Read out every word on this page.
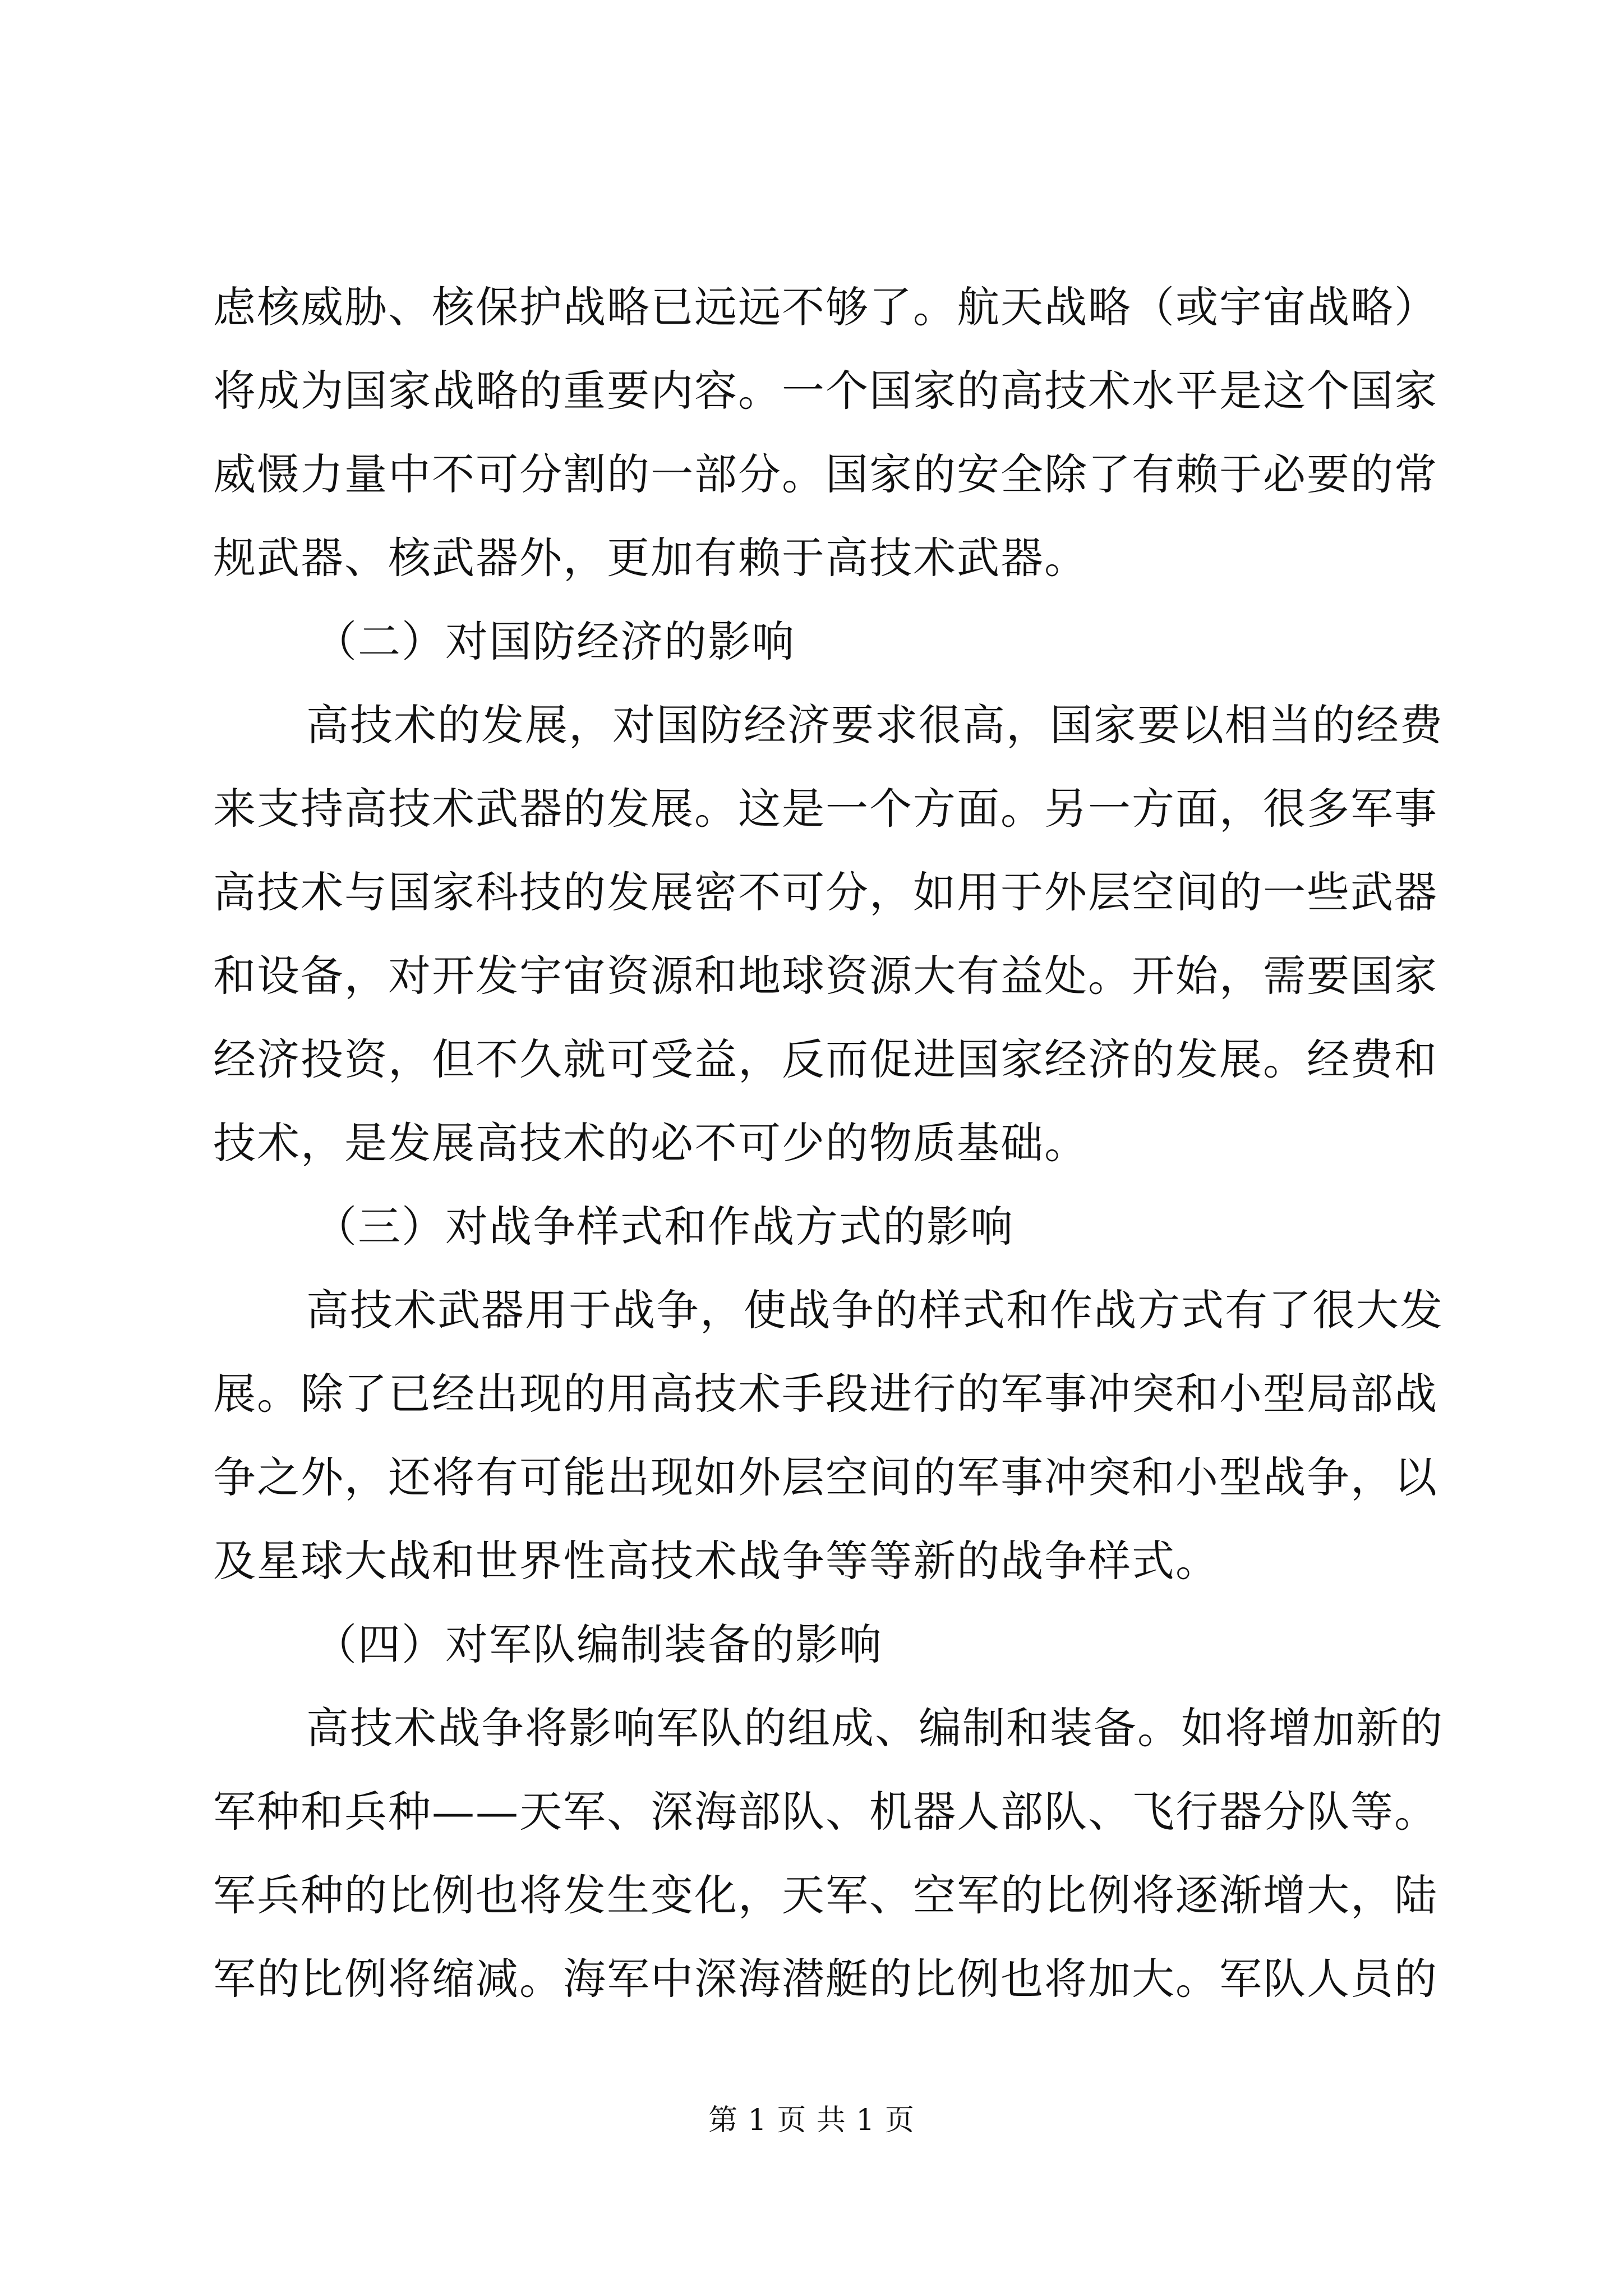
虑核威胁、核保护战略已远远不够了。航天战略（或宇宙战略）
将成为国家战略的重要内容。一个国家的高技术水平是这个国家
威慑力量中不可分割的一部分。国家的安全除了有赖于必要的常
规武器、核武器外，更加有赖于高技术武器。
（二）对国防经济的影响
高技术的发展，对国防经济要求很高，国家要以相当的经费
来支持高技术武器的发展。这是一个方面。另一方面，很多军事
高技术与国家科技的发展密不可分，如用于外层空间的一些武器
和设备，对开发宇宙资源和地球资源大有益处。开始，需要国家
经济投资，但不久就可受益，反而促进国家经济的发展。经费和
技术，是发展高技术的必不可少的物质基础。
（三）对战争样式和作战方式的影响
高技术武器用于战争，使战争的样式和作战方式有了很大发
展。除了已经出现的用高技术手段进行的军事冲突和小型局部战
争之外，还将有可能出现如外层空间的军事冲突和小型战争，以
及星球大战和世界性高技术战争等等新的战争样式。
（四）对军队编制装备的影响
高技术战争将影响军队的组成、编制和装备。如将增加新的
军种和兵种——天军、深海部队、机器人部队、飞行器分队等。
军兵种的比例也将发生变化，天军、空军的比例将逐渐增大，陆
军的比例将缩减。海军中深海潜艇的比例也将加大。军队人员的
第 1 页 共 1 页
